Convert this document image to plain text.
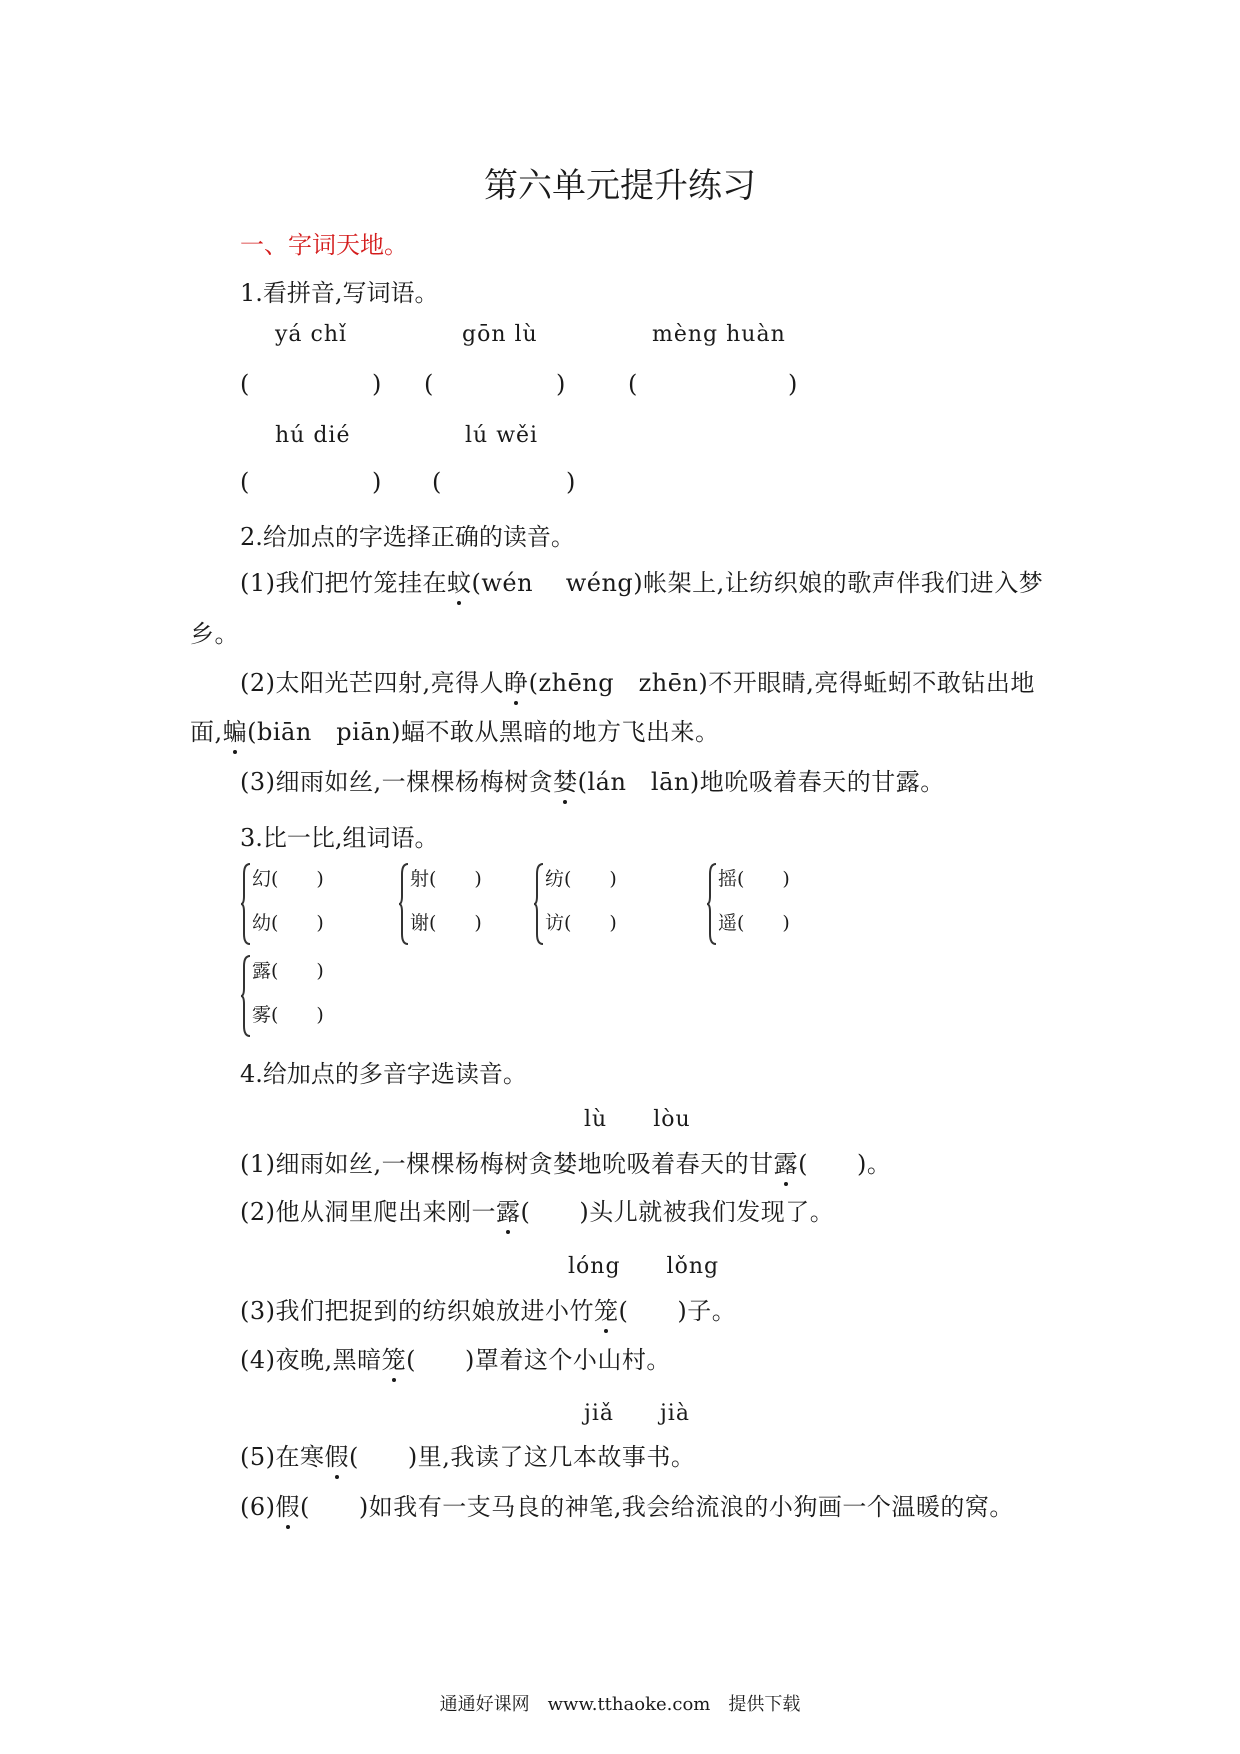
第六单元提升练习
一、字词天地。
1.看拼音,写词语。
yá chǐ	gōn lù	mèng huàn
(	) (	)	(	)
hú dié	lú wěi
(	) (	)
2.给加点的字选择正确的读音。
(1)我们把竹笼挂在蚊(wén　 wéng)帐架上,让纺织娘的歌声伴我们进入梦
乡。
(2)太阳光芒四射,亮得人睁(zhēng　zhēn)不开眼睛,亮得蚯蚓不敢钻出地
面,蝙(biān　piān)蝠不敢从黑暗的地方飞出来。
(3)细雨如丝,一棵棵杨梅树贪婪(lán　lān)地吮吸着春天的甘露。
3.比一比,组词语。
幻(　　)
幼(　　)
射(　　)
谢(　　)
纺(　　)
访(　　)
摇(　　)
遥(　　)
露(　　)
雾(　　)
4.给加点的多音字选读音。
lù　　lòu
(1)细雨如丝,一棵棵杨梅树贪婪地吮吸着春天的甘露(　　)。
(2)他从洞里爬出来刚一露(　　)头儿就被我们发现了。
lóng　　lǒng
(3)我们把捉到的纺织娘放进小竹笼(　　)子。
(4)夜晚,黑暗笼(　　)罩着这个小山村。
jiǎ　　jià
(5)在寒假(　　)里,我读了这几本故事书。
(6)假(　　)如我有一支马良的神笔,我会给流浪的小狗画一个温暖的窝。
通通好课网　www.tthaoke.com　提供下载
